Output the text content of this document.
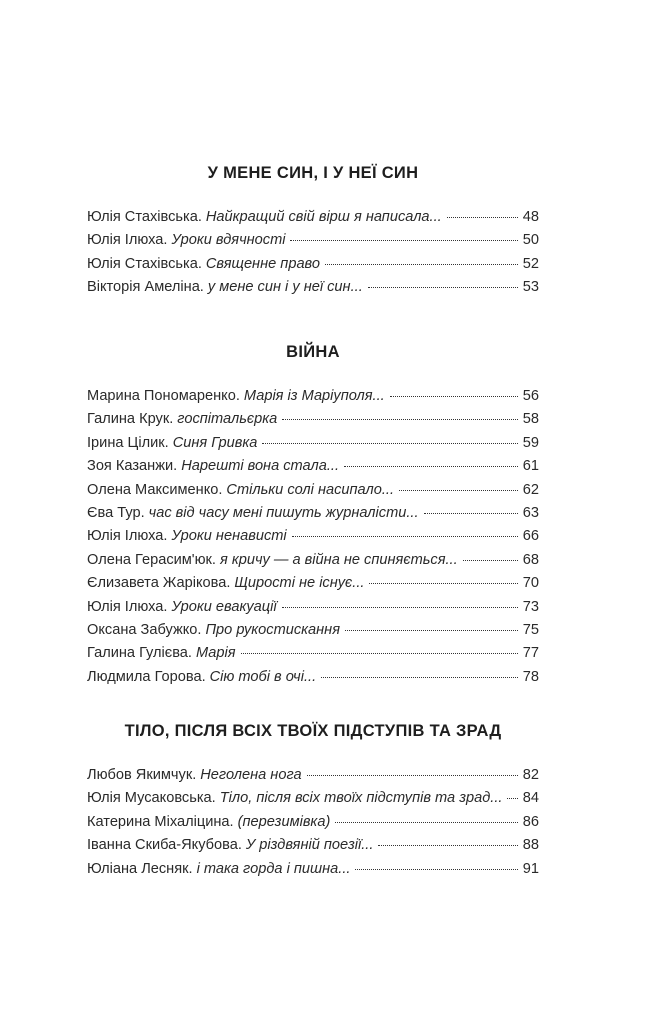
У МЕНЕ СИН, І У НЕЇ СИН
Юлія Стахівська. Найкращий свій вірш я написала...	48
Юлія Ілюха. Уроки вдячності	50
Юлія Стахівська. Священне право	52
Вікторія Амеліна. у мене син і у неї син...	53
ВІЙНА
Марина Пономаренко. Марія із Маріуполя...	56
Галина Крук. госпітальєрка	58
Ірина Цілик. Синя Гривка	59
Зоя Казанжи. Нарешті вона стала...	61
Олена Максименко. Стільки солі насипало...	62
Єва Тур. час від часу мені пишуть журналісти...	63
Юлія Ілюха. Уроки ненависті	66
Олена Герасим'юк. я кричу — а війна не спиняється...	68
Єлизавета Жарікова. Щирості не існує...	70
Юлія Ілюха. Уроки евакуації	73
Оксана Забужко. Про рукостискання	75
Галина Гулієва. Марія	77
Людмила Горова. Сію тобі в очі...	78
ТІЛО, ПІСЛЯ ВСІХ ТВОЇХ ПІДСТУПІВ ТА ЗРАД
Любов Якимчук. Неголена нога	82
Юлія Мусаковська. Тіло, після всіх твоїх підступів та зрад... 84
Катерина Міхаліцина. (перезимівка)	86
Іванна Скиба-Якубова. У різдвяній поезії...	88
Юліана Лесняк. і така горда і пишна...	91
